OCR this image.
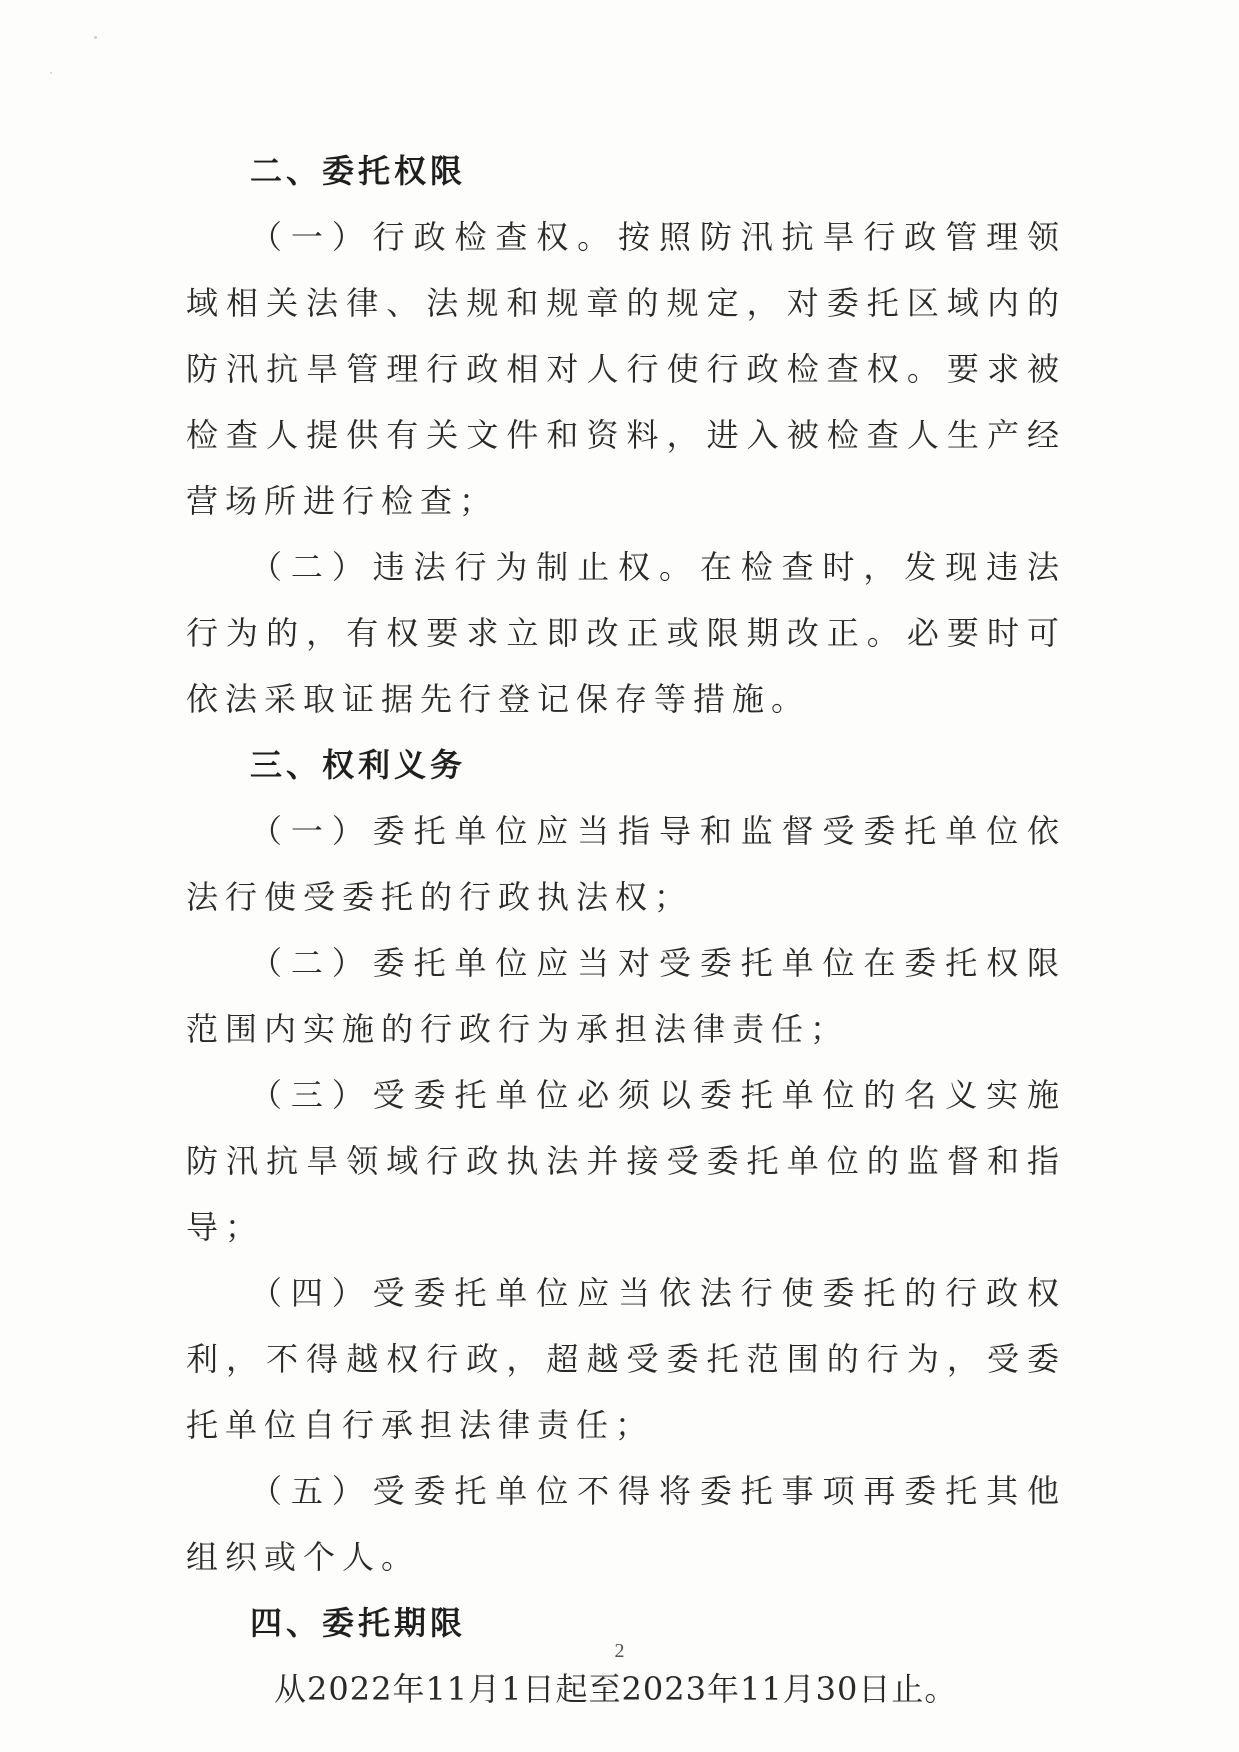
二、委托权限

（一）行政检查权。按照防汛抗旱行政管理领域相关法律、法规和规章的规定，对委托区域内的防汛抗旱管理行政相对人行使行政检查权。要求被检查人提供有关文件和资料，进入被检查人生产经营场所进行检查；

（二）违法行为制止权。在检查时，发现违法行为的，有权要求立即改正或限期改正。必要时可依法采取证据先行登记保存等措施。

三、权利义务

（一）委托单位应当指导和监督受委托单位依法行使受委托的行政执法权；

（二）委托单位应当对受委托单位在委托权限范围内实施的行政行为承担法律责任；

（三）受委托单位必须以委托单位的名义实施防汛抗旱领域行政执法并接受委托单位的监督和指导；

（四）受委托单位应当依法行使委托的行政权利，不得越权行政，超越受委托范围的行为，受委托单位自行承担法律责任；

（五）受委托单位不得将委托事项再委托其他组织或个人。

四、委托期限

从2022年11月1日起至2023年11月30日止。

2
